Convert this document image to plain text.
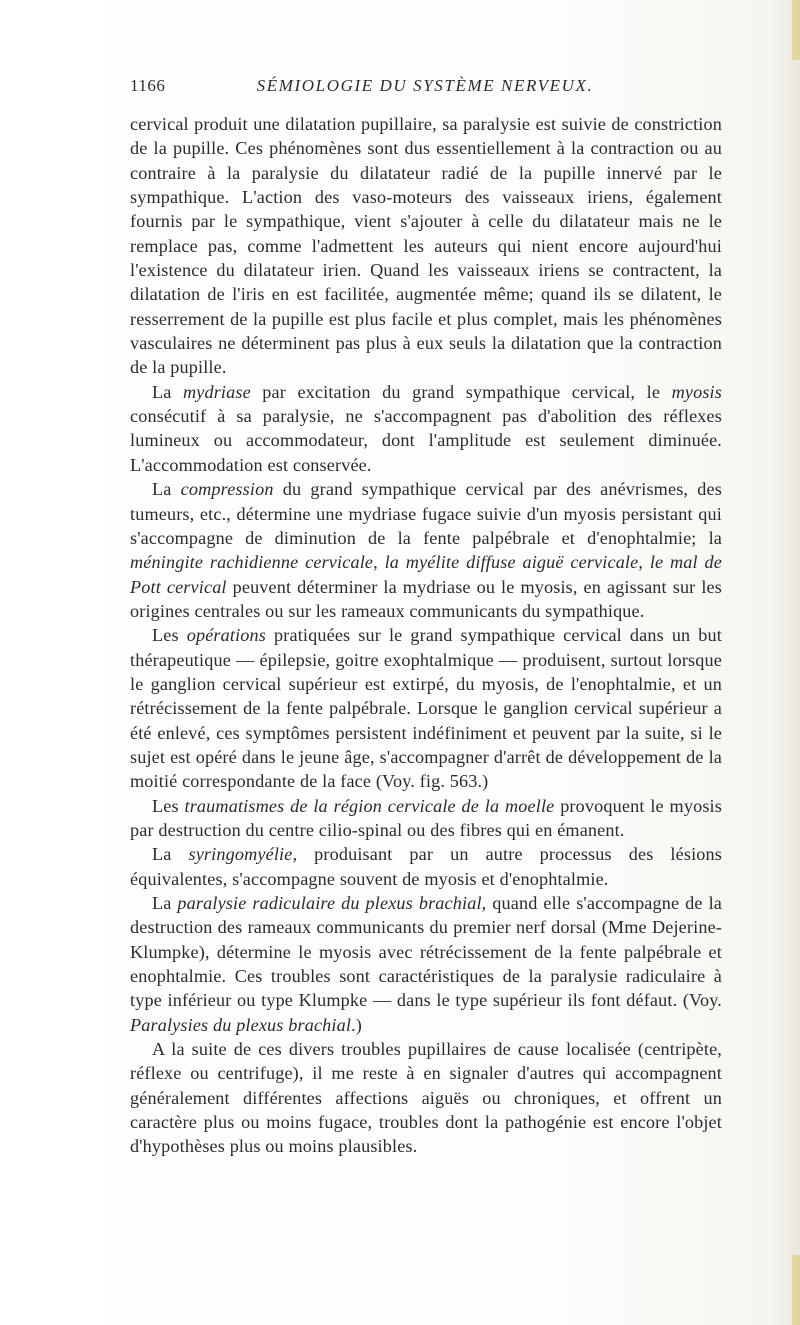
1166	SÉMIOLOGIE DU SYSTÈME NERVEUX.

cervical produit une dilatation pupillaire, sa paralysie est suivie de constriction de la pupille. Ces phénomènes sont dus essentiellement à la contraction ou au contraire à la paralysie du dilatateur radié de la pupille innervé par le sympathique. L'action des vaso-moteurs des vaisseaux iriens, également fournis par le sympathique, vient s'ajouter à celle du dilatateur mais ne le remplace pas, comme l'admettent les auteurs qui nient encore aujourd'hui l'existence du dilatateur irien. Quand les vaisseaux iriens se contractent, la dilatation de l'iris en est facilitée, augmentée même; quand ils se dilatent, le resserrement de la pupille est plus facile et plus complet, mais les phénomènes vasculaires ne déterminent pas plus à eux seuls la dilatation que la contraction de la pupille.

La mydriase par excitation du grand sympathique cervical, le myosis consécutif à sa paralysie, ne s'accompagnent pas d'abolition des réflexes lumineux ou accommodateur, dont l'amplitude est seulement diminuée. L'accommodation est conservée.

La compression du grand sympathique cervical par des anévrismes, des tumeurs, etc., détermine une mydriase fugace suivie d'un myosis persistant qui s'accompagne de diminution de la fente palpébrale et d'enophtalmie; la méningite rachidienne cervicale, la myélite diffuse aiguë cervicale, le mal de Pott cervical peuvent déterminer la mydriase ou le myosis, en agissant sur les origines centrales ou sur les rameaux communicants du sympathique.

Les opérations pratiquées sur le grand sympathique cervical dans un but thérapeutique — épilepsie, goitre exophtalmique — produisent, surtout lorsque le ganglion cervical supérieur est extirpé, du myosis, de l'enophtalmie, et un rétrécissement de la fente palpébrale. Lorsque le ganglion cervical supérieur a été enlevé, ces symptômes persistent indéfiniment et peuvent par la suite, si le sujet est opéré dans le jeune âge, s'accompagner d'arrêt de développement de la moitié correspondante de la face (Voy. fig. 563.)

Les traumatismes de la région cervicale de la moelle provoquent le myosis par destruction du centre cilio-spinal ou des fibres qui en émanent.

La syringomyélie, produisant par un autre processus des lésions équivalentes, s'accompagne souvent de myosis et d'enophtalmie.

La paralysie radiculaire du plexus brachial, quand elle s'accompagne de la destruction des rameaux communicants du premier nerf dorsal (Mme Dejerine-Klumpke), détermine le myosis avec rétrécissement de la fente palpébrale et enophtalmie. Ces troubles sont caractéristiques de la paralysie radiculaire à type inférieur ou type Klumpke — dans le type supérieur ils font défaut. (Voy. Paralysies du plexus brachial.)

A la suite de ces divers troubles pupillaires de cause localisée (centripète, réflexe ou centrifuge), il me reste à en signaler d'autres qui accompagnent généralement différentes affections aiguës ou chroniques, et offrent un caractère plus ou moins fugace, troubles dont la pathogénie est encore l'objet d'hypothèses plus ou moins plausibles.
